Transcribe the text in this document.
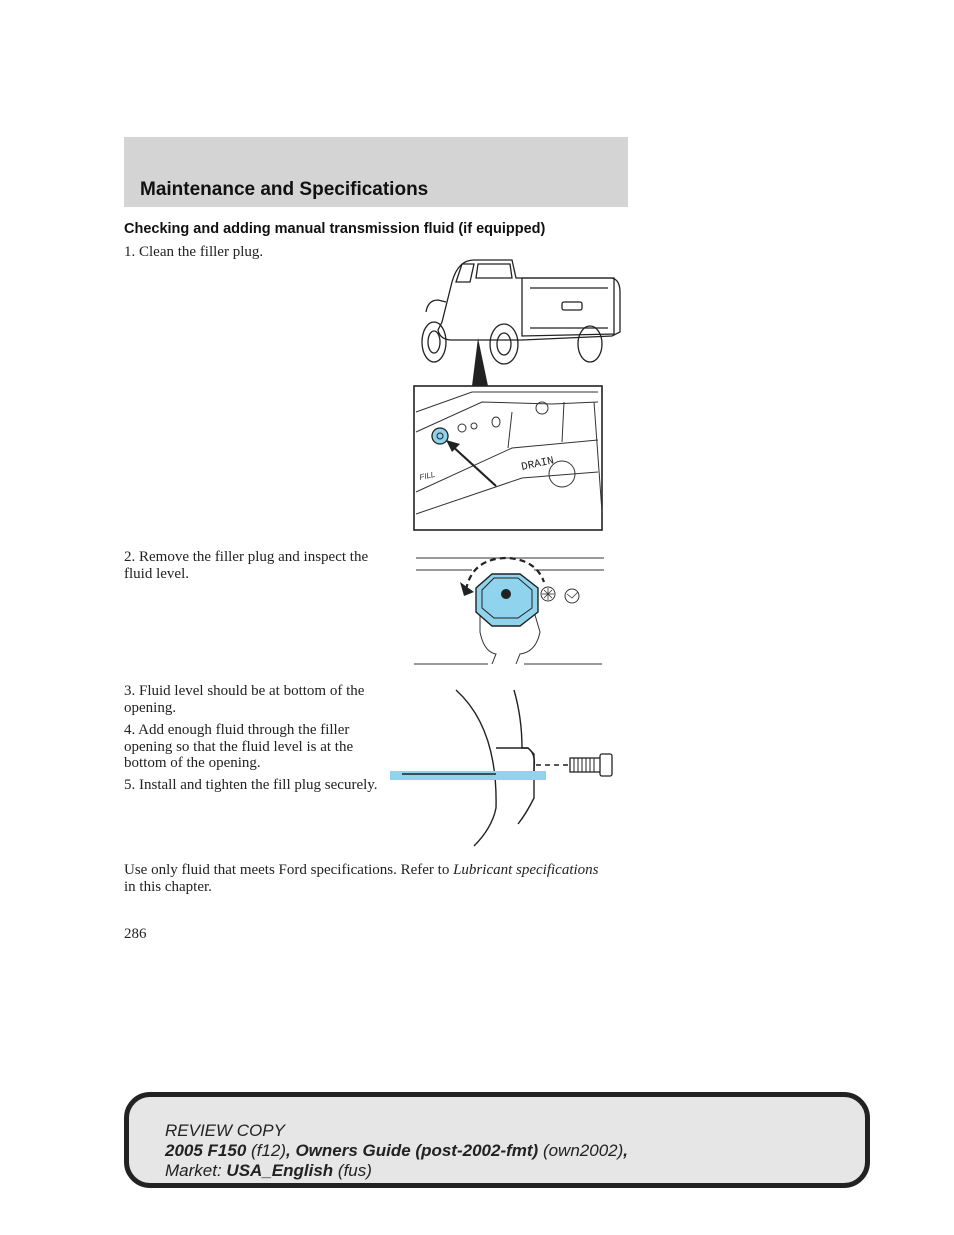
Maintenance and Specifications
Checking and adding manual transmission fluid (if equipped)
1. Clean the filler plug.
2. Remove the filler plug and inspect the fluid level.
3. Fluid level should be at bottom of the opening.
4. Add enough fluid through the filler opening so that the fluid level is at the bottom of the opening.
5. Install and tighten the fill plug securely.
FILL
DRAIN
Use only fluid that meets Ford specifications. Refer to Lubricant specifications in this chapter.
286
REVIEW COPY
2005 F150 (f12), Owners Guide (post-2002-fmt) (own2002),
Market: USA_English (fus)
